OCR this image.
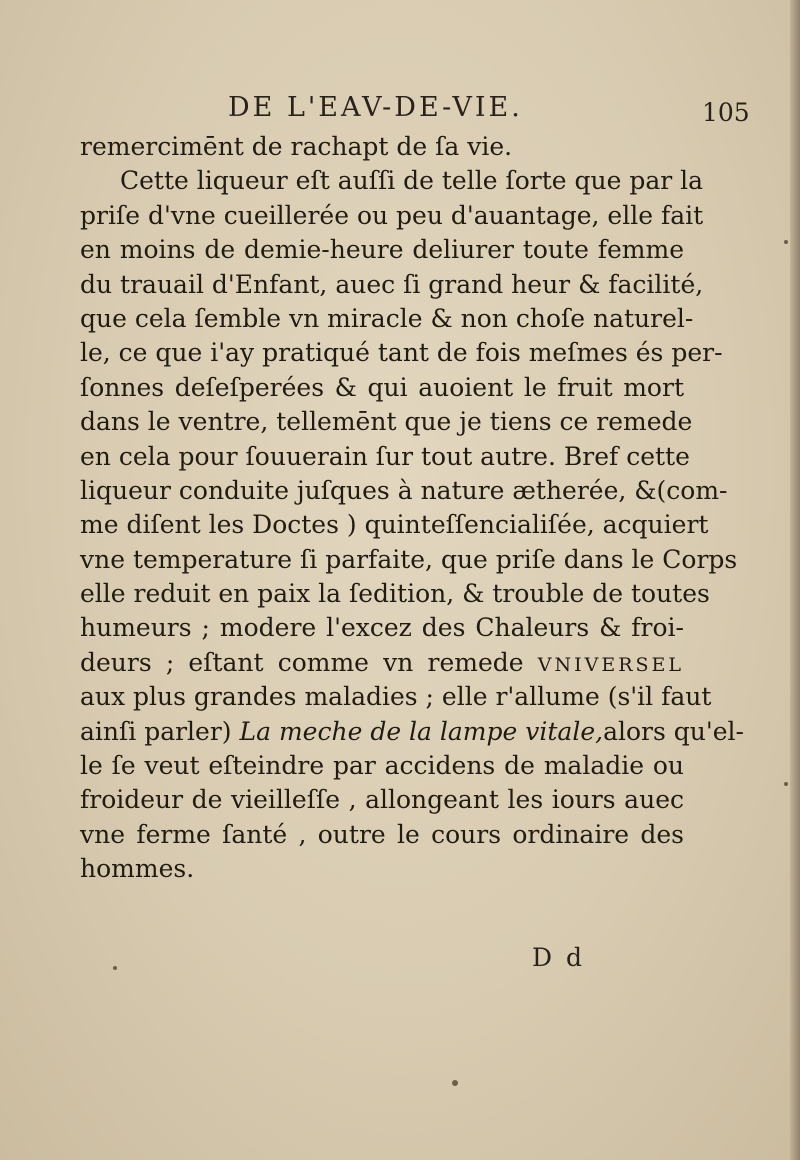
DE L'EAV-DE-VIE.	105
remercimēnt de rachapt de ſa vie.
Cette liqueur eſt auſſi de telle ſorte que par la
priſe d'vne cueillerée ou peu d'auantage, elle fait
en moins de demie-heure deliurer toute femme
du trauail d'Enfant, auec ſi grand heur & facilité,
que cela ſemble vn miracle & non choſe naturel-
le, ce que i'ay pratiqué tant de fois meſmes és per-
ſonnes deſeſperées & qui auoient le fruit mort
dans le ventre, tellemēnt que je tiens ce remede
en cela pour ſouuerain ſur tout autre. Bref cette
liqueur conduite juſques à nature ætherée, &(com-
me diſent les Doctes ) quinteſſencialiſée, acquiert
vne temperature ſi parfaite, que priſe dans le Corps
elle reduit en paix la ſedition, & trouble de toutes
humeurs ; modere l'excez des Chaleurs & froi-
deurs ; eſtant comme vn remede VNIVERSEL
aux plus grandes maladies ; elle r'allume (s'il faut
ainſi parler) La meche de la lampe vitale,alors qu'el-
le ſe veut eſteindre par accidens de maladie ou
froideur de vieilleſſe , allongeant les iours auec
vne ferme ſanté , outre le cours ordinaire des
hommes.
D d
